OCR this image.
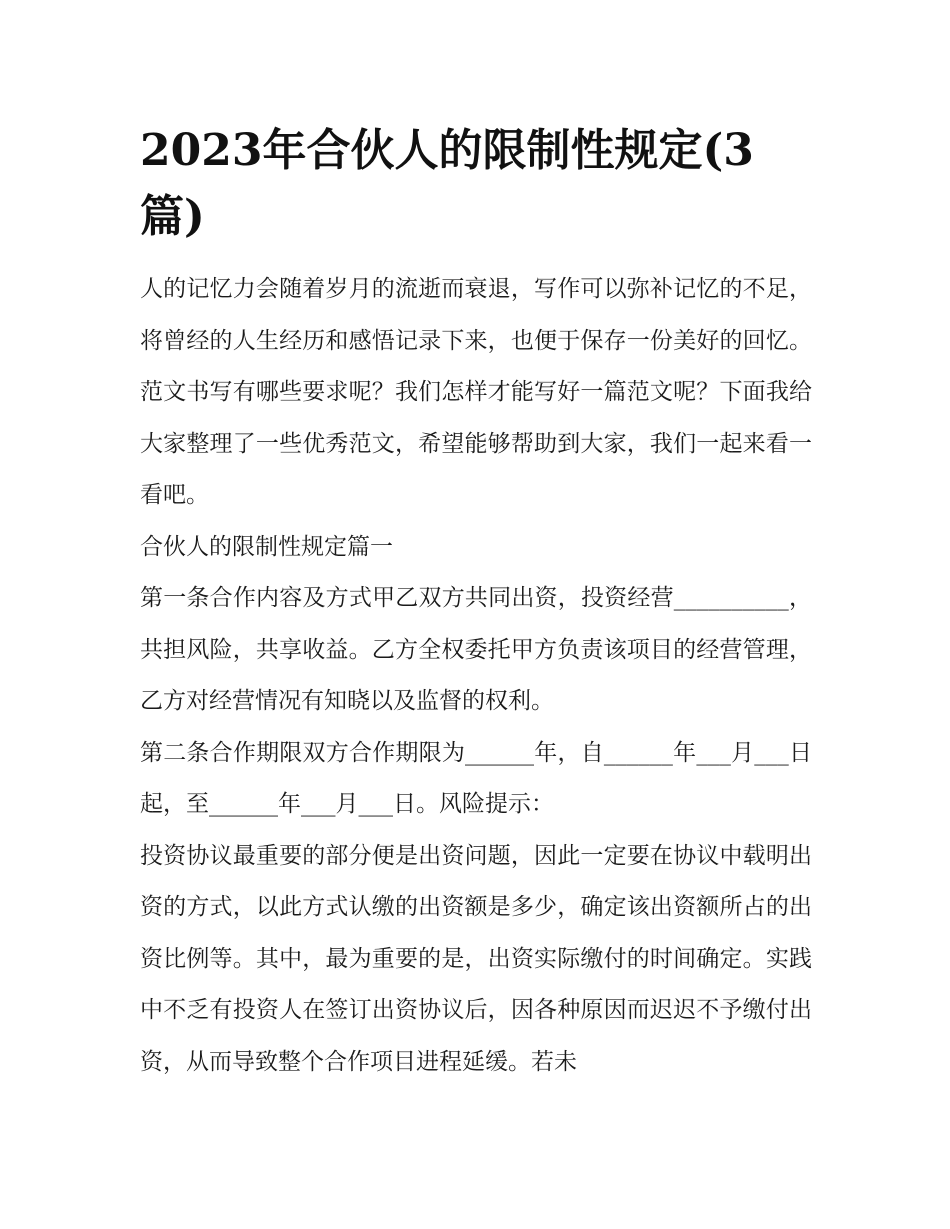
2023年合伙人的限制性规定(3篇)

人的记忆力会随着岁月的流逝而衰退，写作可以弥补记忆的不足，将曾经的人生经历和感悟记录下来，也便于保存一份美好的回忆。范文书写有哪些要求呢？我们怎样才能写好一篇范文呢？下面我给大家整理了一些优秀范文，希望能够帮助到大家，我们一起来看一看吧。

合伙人的限制性规定篇一

第一条合作内容及方式甲乙双方共同出资，投资经营__________，共担风险，共享收益。乙方全权委托甲方负责该项目的经营管理，乙方对经营情况有知晓以及监督的权利。

第二条合作期限双方合作期限为______年，自______年___月___日起，至______年___月___日。风险提示：

投资协议最重要的部分便是出资问题，因此一定要在协议中载明出资的方式，以此方式认缴的出资额是多少，确定该出资额所占的出资比例等。其中，最为重要的是，出资实际缴付的时间确定。实践中不乏有投资人在签订出资协议后，因各种原因而迟迟不予缴付出资，从而导致整个合作项目进程延缓。若未
